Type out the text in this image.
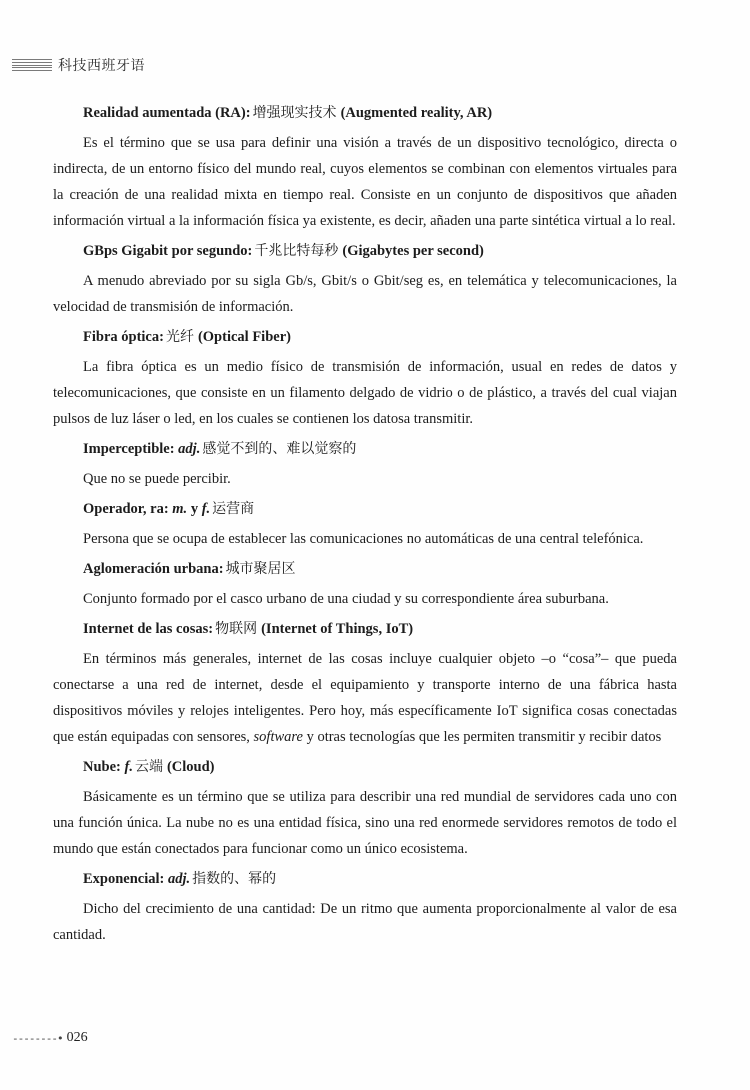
科技西班牙语
Realidad aumentada (RA): 增强现实技术 (Augmented reality, AR)

Es el término que se usa para definir una visión a través de un dispositivo tecnológico, directa o indirecta, de un entorno físico del mundo real, cuyos elementos se combinan con elementos virtuales para la creación de una realidad mixta en tiempo real. Consiste en un conjunto de dispositivos que añaden información virtual a la información física ya existente, es decir, añaden una parte sintética virtual a lo real.

GBps Gigabit por segundo: 千兆比特每秒 (Gigabytes per second)

A menudo abreviado por su sigla Gb/s, Gbit/s o Gbit/seg es, en telemática y telecomunicaciones, la velocidad de transmisión de información.

Fibra óptica: 光纤 (Optical Fiber)

La fibra óptica es un medio físico de transmisión de información, usual en redes de datos y telecomunicaciones, que consiste en un filamento delgado de vidrio o de plástico, a través del cual viajan pulsos de luz láser o led, en los cuales se contienen los datosa transmitir.

Imperceptible: adj. 感觉不到的、难以觉察的

Que no se puede percibir.

Operador, ra: m. y f. 运营商

Persona que se ocupa de establecer las comunicaciones no automáticas de una central telefónica.

Aglomeración urbana: 城市聚居区

Conjunto formado por el casco urbano de una ciudad y su correspondiente área suburbana.

Internet de las cosas: 物联网 (Internet of Things, IoT)

En términos más generales, internet de las cosas incluye cualquier objeto –o “cosa”– que pueda conectarse a una red de internet, desde el equipamiento y transporte interno de una fábrica hasta dispositivos móviles y relojes inteligentes. Pero hoy, más específicamente IoT significa cosas conectadas que están equipadas con sensores, software y otras tecnologías que les permiten transmitir y recibir datos

Nube: f. 云端 (Cloud)

Básicamente es un término que se utiliza para describir una red mundial de servidores cada uno con una función única. La nube no es una entidad física, sino una red enormede servidores remotos de todo el mundo que están conectados para funcionar como un único ecosistema.

Exponencial: adj. 指数的、幂的

Dicho del crecimiento de una cantidad: De un ritmo que aumenta proporcionalmente al valor de esa cantidad.

--------• 026
